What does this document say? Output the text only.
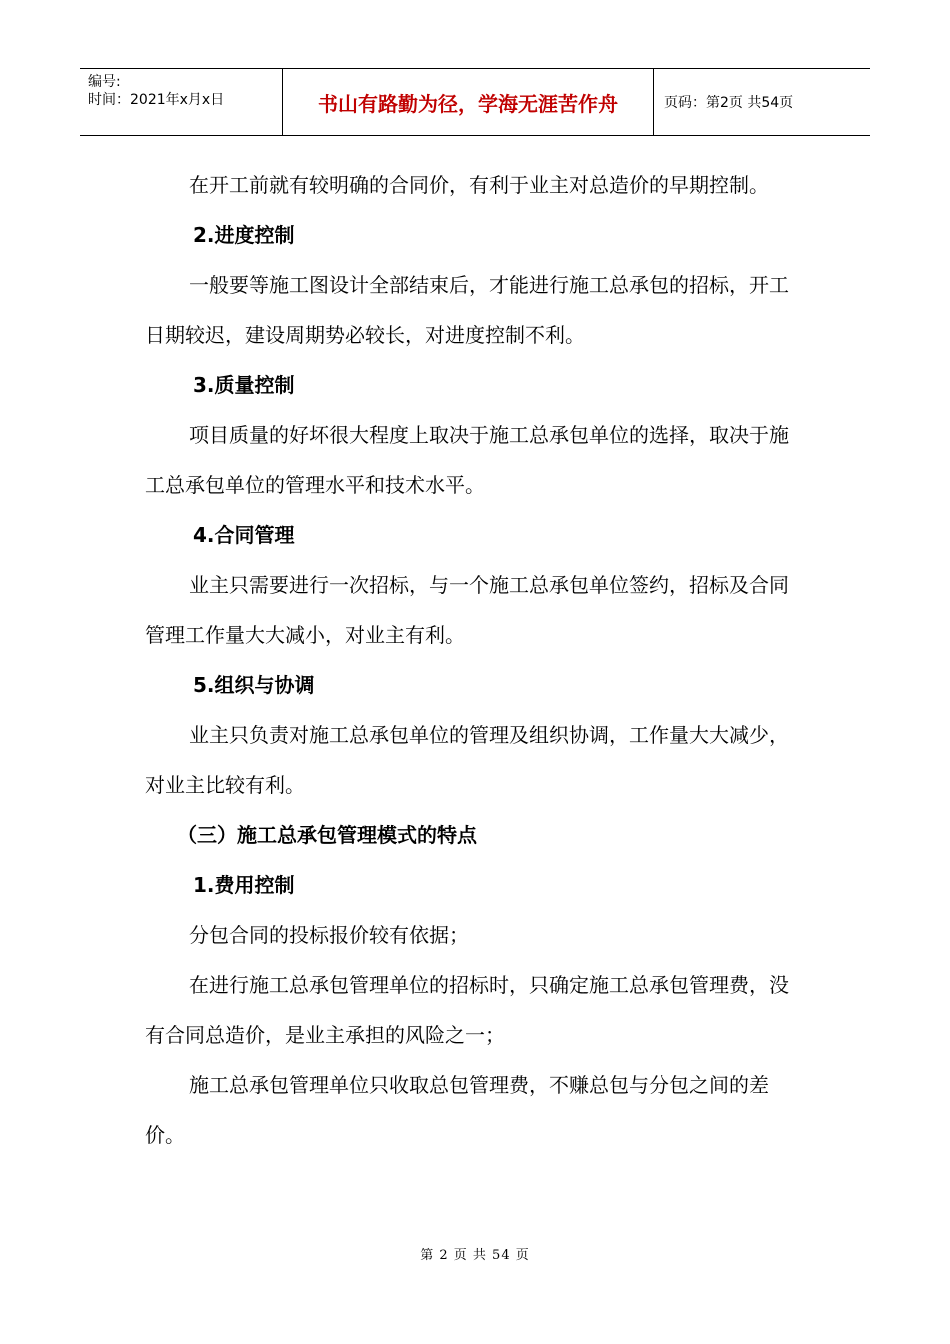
编号:
时间：2021年x月x日	书山有路勤为径，学海无涯苦作舟	页码：第2页 共54页

在开工前就有较明确的合同价，有利于业主对总造价的早期控制。

2.进度控制

一般要等施工图设计全部结束后，才能进行施工总承包的招标，开工日期较迟，建设周期势必较长，对进度控制不利。

3.质量控制

项目质量的好坏很大程度上取决于施工总承包单位的选择，取决于施工总承包单位的管理水平和技术水平。

4.合同管理

业主只需要进行一次招标，与一个施工总承包单位签约，招标及合同管理工作量大大减小，对业主有利。

5.组织与协调

业主只负责对施工总承包单位的管理及组织协调，工作量大大减少，对业主比较有利。

（三）施工总承包管理模式的特点

1.费用控制

分包合同的投标报价较有依据；

在进行施工总承包管理单位的招标时，只确定施工总承包管理费，没有合同总造价，是业主承担的风险之一；

施工总承包管理单位只收取总包管理费，不赚总包与分包之间的差价。

第 2 页 共 54 页
